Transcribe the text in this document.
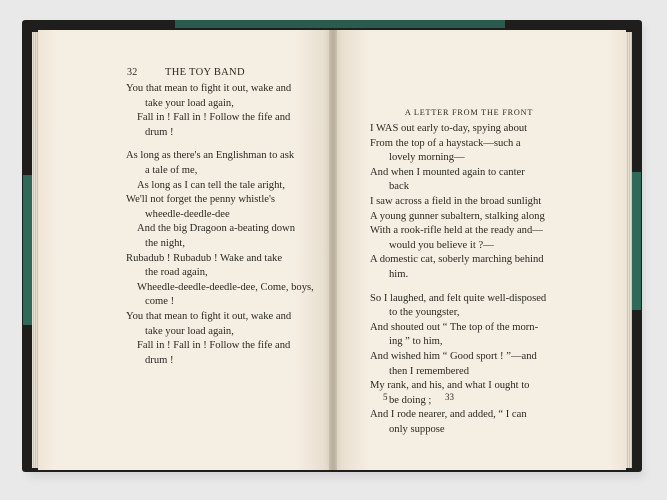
32	THE TOY BAND
You that mean to fight it out, wake and
take your load again,
Fall in ! Fall in ! Follow the fife and
drum !
As long as there's an Englishman to ask
a tale of me,
As long as I can tell the tale aright,
We'll not forget the penny whistle's
wheedle-deedle-dee
And the big Dragoon a-beating down
the night,
Rubadub ! Rubadub ! Wake and take
the road again,
Wheedle-deedle-deedle-dee, Come, boys,
come !
You that mean to fight it out, wake and
take your load again,
Fall in ! Fall in ! Follow the fife and
drum !
A LETTER FROM THE FRONT
I WAS out early to-day, spying about
From the top of a haystack—such a
lovely morning—
And when I mounted again to canter
back
I saw across a field in the broad sunlight
A young gunner subaltern, stalking along
With a rook-rifle held at the ready and—
would you believe it ?—
A domestic cat, soberly marching behind
him.
So I laughed, and felt quite well-disposed
to the youngster,
And shouted out “ The top of the morn-
ing ” to him,
And wished him “ Good sport ! ”—and
then I remembered
My rank, and his, and what I ought to
be doing ;
And I rode nearer, and added, “ I can
only suppose
5	33
